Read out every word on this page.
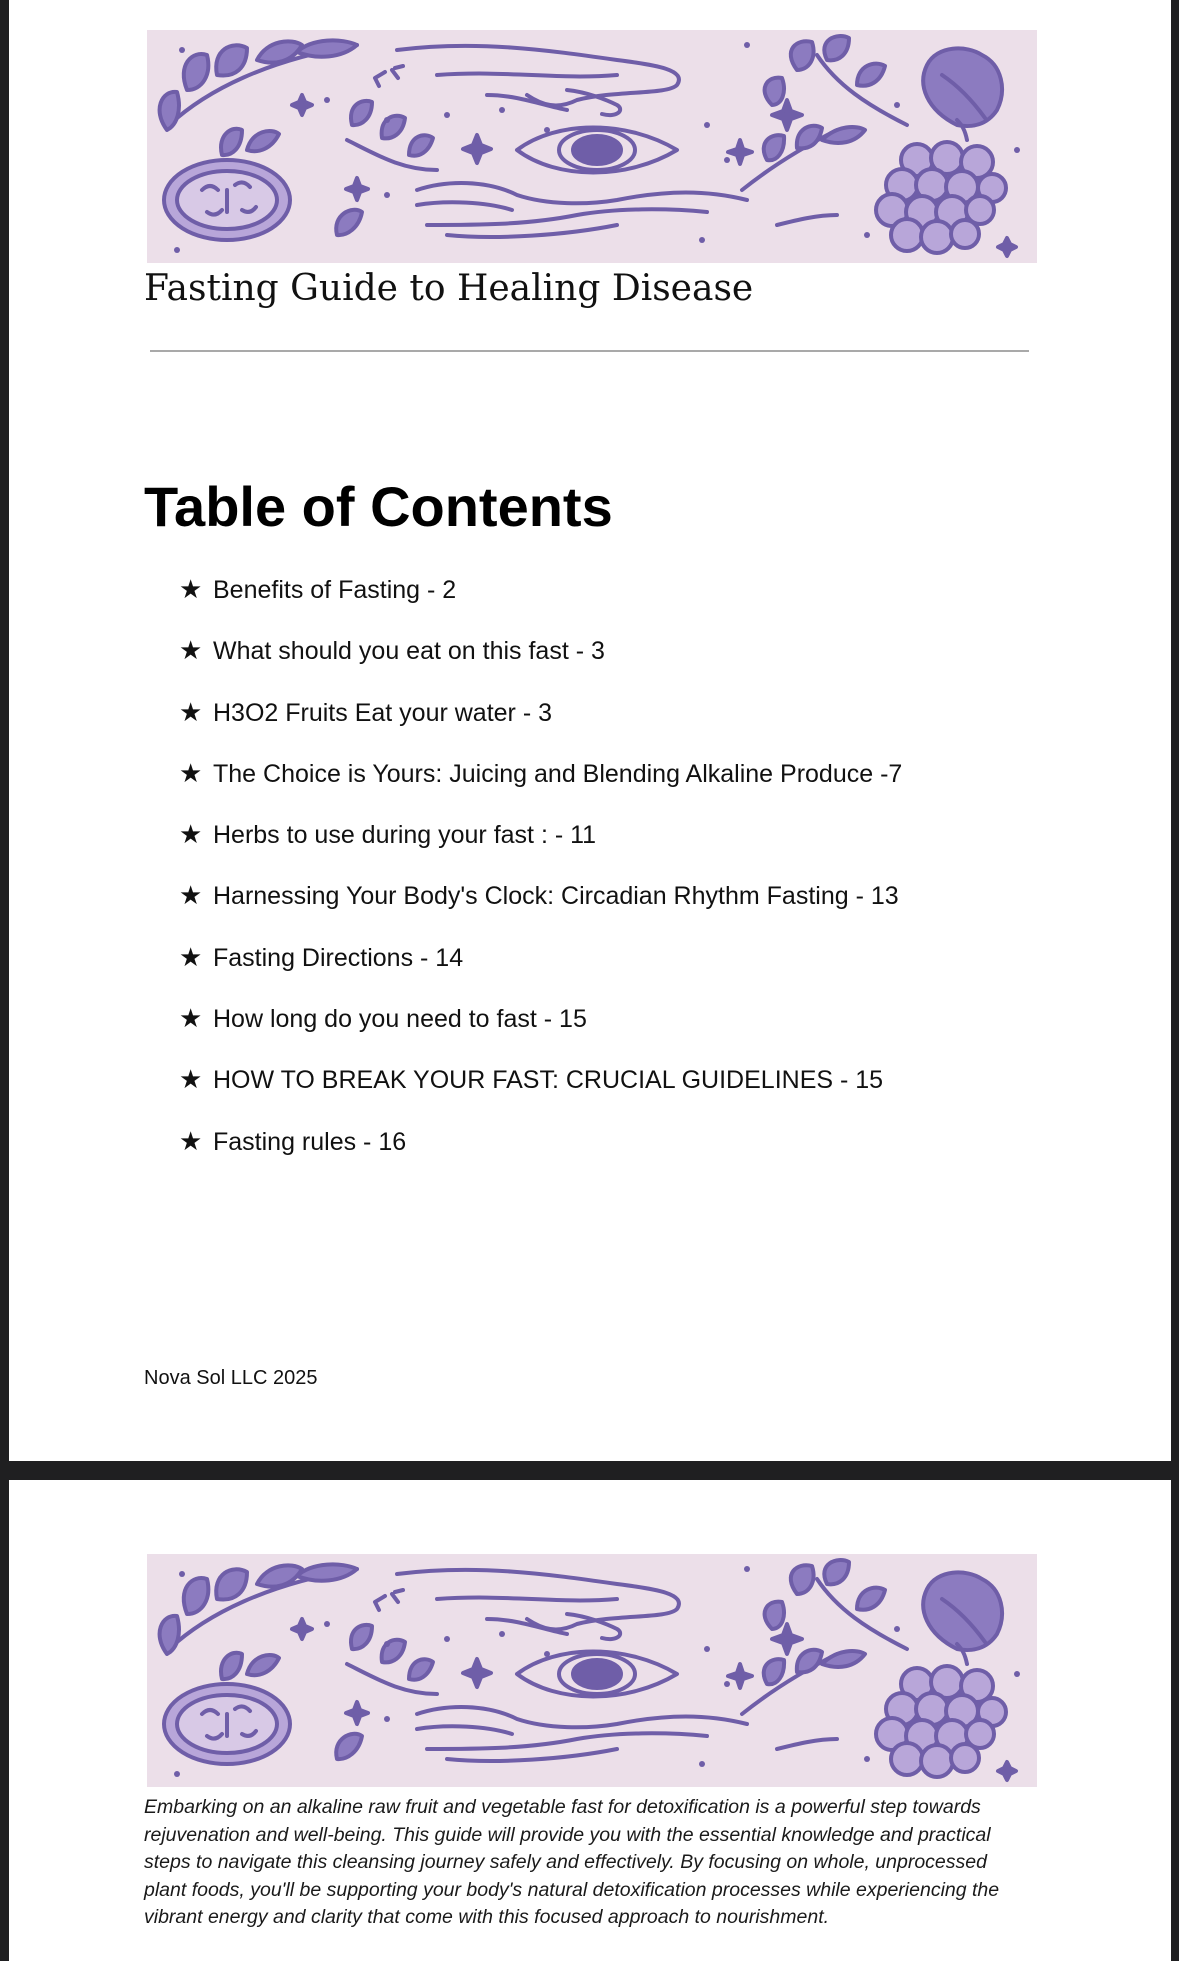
Fasting Guide to Healing Disease
Table of Contents
★ Benefits of Fasting - 2
★ What should you eat on this fast - 3
★ H3O2 Fruits Eat your water - 3
★ The Choice is Yours: Juicing and Blending Alkaline Produce -7
★ Herbs to use during your fast : - 11
★ Harnessing Your Body's Clock: Circadian Rhythm Fasting - 13
★ Fasting Directions - 14
★ How long do you need to fast - 15
★ HOW TO BREAK YOUR FAST: CRUCIAL GUIDELINES - 15
★ Fasting rules - 16
Nova Sol LLC 2025

Embarking on an alkaline raw fruit and vegetable fast for detoxification is a powerful step towards rejuvenation and well-being. This guide will provide you with the essential knowledge and practical steps to navigate this cleansing journey safely and effectively. By focusing on whole, unprocessed plant foods, you'll be supporting your body's natural detoxification processes while experiencing the vibrant energy and clarity that come with this focused approach to nourishment.
